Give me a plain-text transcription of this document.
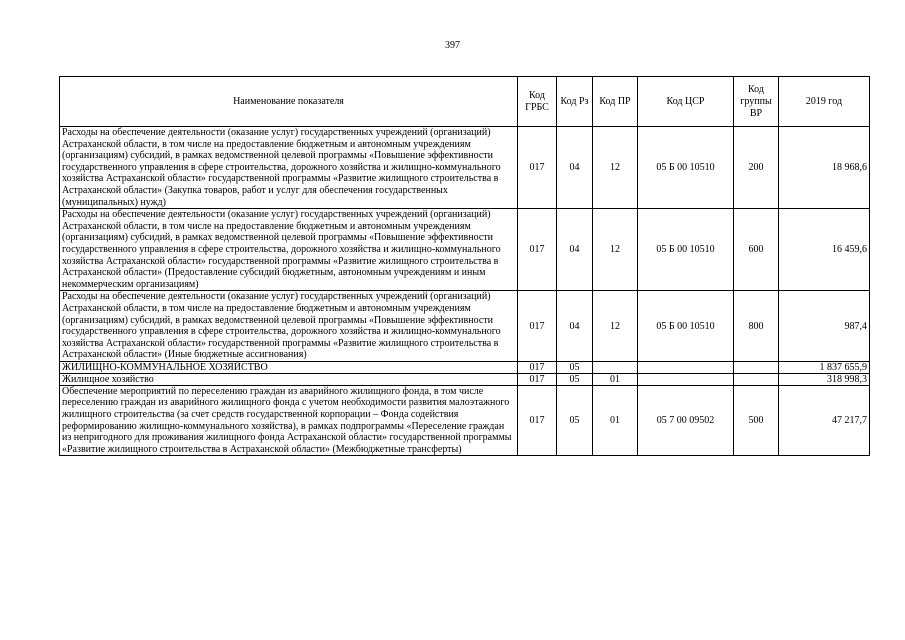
397
Наименование показателя	Код ГРБС	Код Рз	Код ПР	Код ЦСР	Код группы ВР	2019 год
Расходы на обеспечение деятельности (оказание услуг) государственных учреждений (организаций) Астраханской области, в том числе на предоставление бюджетным и автономным учреждениям (организациям) субсидий, в рамках ведомственной целевой программы «Повышение эффективности государственного управления в сфере строительства, дорожного хозяйства и жилищно-коммунального хозяйства Астраханской области» государственной программы «Развитие жилищного строительства в Астраханской области» (Закупка товаров, работ и услуг для обеспечения государственных (муниципальных) нужд)	017	04	12	05 Б 00 10510	200	18 968,6
Расходы на обеспечение деятельности (оказание услуг) государственных учреждений (организаций) Астраханской области, в том числе на предоставление бюджетным и автономным учреждениям (организациям) субсидий, в рамках ведомственной целевой программы «Повышение эффективности государственного управления в сфере строительства, дорожного хозяйства и жилищно-коммунального хозяйства Астраханской области» государственной программы «Развитие жилищного строительства в Астраханской области» (Предоставление субсидий бюджетным, автономным учреждениям и иным некоммерческим организациям)	017	04	12	05 Б 00 10510	600	16 459,6
Расходы на обеспечение деятельности (оказание услуг) государственных учреждений (организаций) Астраханской области, в том числе на предоставление бюджетным и автономным учреждениям (организациям) субсидий, в рамках ведомственной целевой программы «Повышение эффективности государственного управления в сфере строительства, дорожного хозяйства и жилищно-коммунального хозяйства Астраханской области» государственной программы «Развитие жилищного строительства в Астраханской области» (Иные бюджетные ассигнования)	017	04	12	05 Б 00 10510	800	987,4
ЖИЛИЩНО-КОММУНАЛЬНОЕ ХОЗЯЙСТВО	017	05				1 837 655,9
Жилищное хозяйство	017	05	01			318 998,3
Обеспечение мероприятий по переселению граждан из аварийного жилищного фонда, в том числе переселению граждан из аварийного жилищного фонда с учетом необходимости развития малоэтажного жилищного строительства (за счет средств государственной корпорации – Фонда содействия реформированию жилищно-коммунального хозяйства), в рамках подпрограммы «Переселение граждан из непригодного для проживания жилищного фонда Астраханской области» государственной программы «Развитие жилищного строительства в Астраханской области» (Межбюджетные трансферты)	017	05	01	05 7 00 09502	500	47 217,7
